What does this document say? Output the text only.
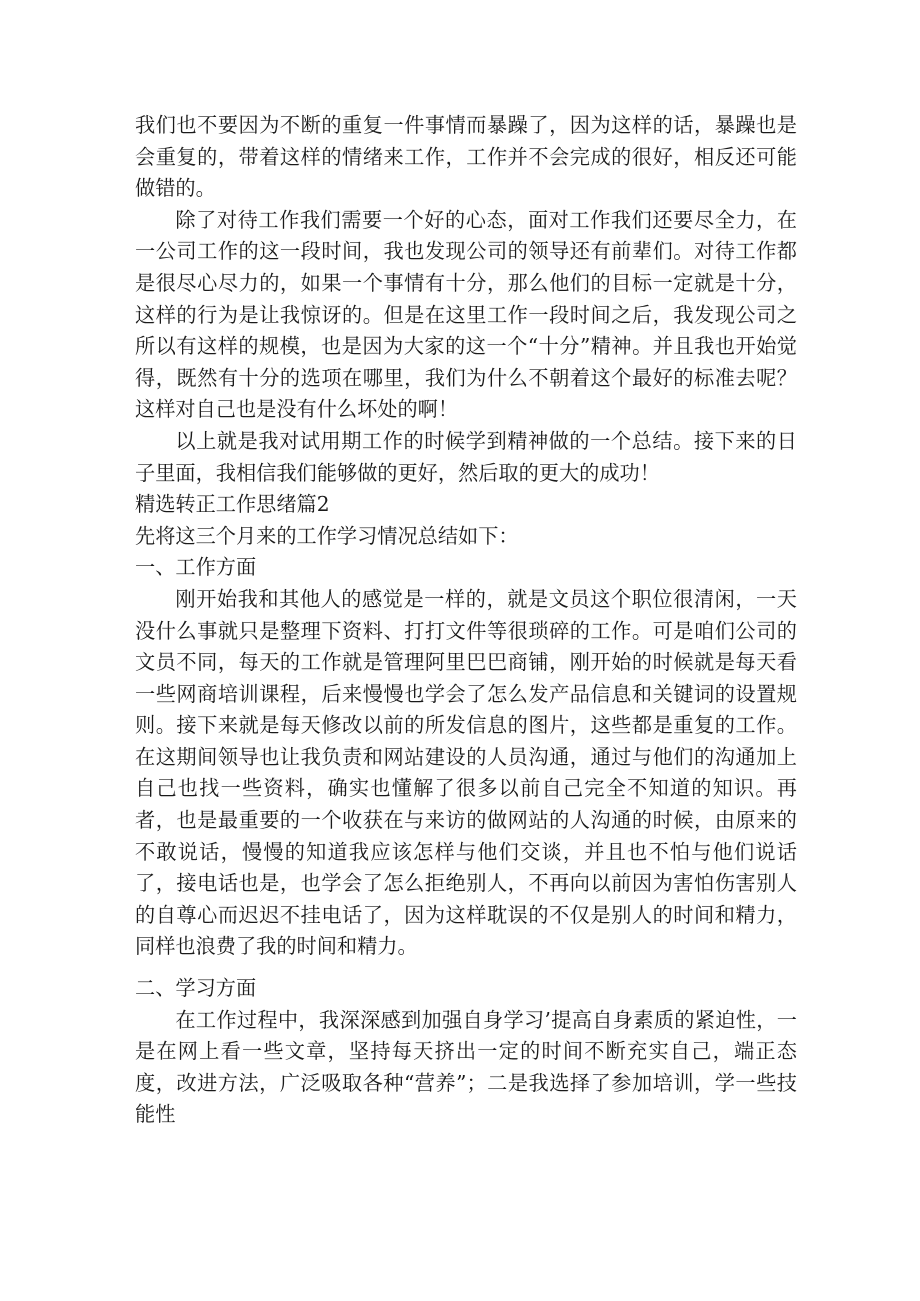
我们也不要因为不断的重复一件事情而暴躁了，因为这样的话，暴躁也是会重复的，带着这样的情绪来工作，工作并不会完成的很好，相反还可能做错的。

除了对待工作我们需要一个好的心态，面对工作我们还要尽全力，在一公司工作的这一段时间，我也发现公司的领导还有前辈们。对待工作都是很尽心尽力的，如果一个事情有十分，那么他们的目标一定就是十分，这样的行为是让我惊讶的。但是在这里工作一段时间之后，我发现公司之所以有这样的规模，也是因为大家的这一个“十分”精神。并且我也开始觉得，既然有十分的选项在哪里，我们为什么不朝着这个最好的标准去呢？这样对自己也是没有什么坏处的啊！

以上就是我对试用期工作的时候学到精神做的一个总结。接下来的日子里面，我相信我们能够做的更好，然后取的更大的成功！

精选转正工作思绪篇2

先将这三个月来的工作学习情况总结如下：

一、工作方面

刚开始我和其他人的感觉是一样的，就是文员这个职位很清闲，一天没什么事就只是整理下资料、打打文件等很琐碎的工作。可是咱们公司的文员不同，每天的工作就是管理阿里巴巴商铺，刚开始的时候就是每天看一些网商培训课程，后来慢慢也学会了怎么发产品信息和关键词的设置规则。接下来就是每天修改以前的所发信息的图片，这些都是重复的工作。在这期间领导也让我负责和网站建设的人员沟通，通过与他们的沟通加上自己也找一些资料，确实也懂解了很多以前自己完全不知道的知识。再者，也是最重要的一个收获在与来访的做网站的人沟通的时候，由原来的不敢说话，慢慢的知道我应该怎样与他们交谈，并且也不怕与他们说话了，接电话也是，也学会了怎么拒绝别人，不再向以前因为害怕伤害别人的自尊心而迟迟不挂电话了，因为这样耽误的不仅是别人的时间和精力，同样也浪费了我的时间和精力。

二、学习方面

在工作过程中，我深深感到加强自身学习’提高自身素质的紧迫性，一是在网上看一些文章，坚持每天挤出一定的时间不断充实自己，端正态度，改进方法，广泛吸取各种“营养”；二是我选择了参加培训，学一些技能性
